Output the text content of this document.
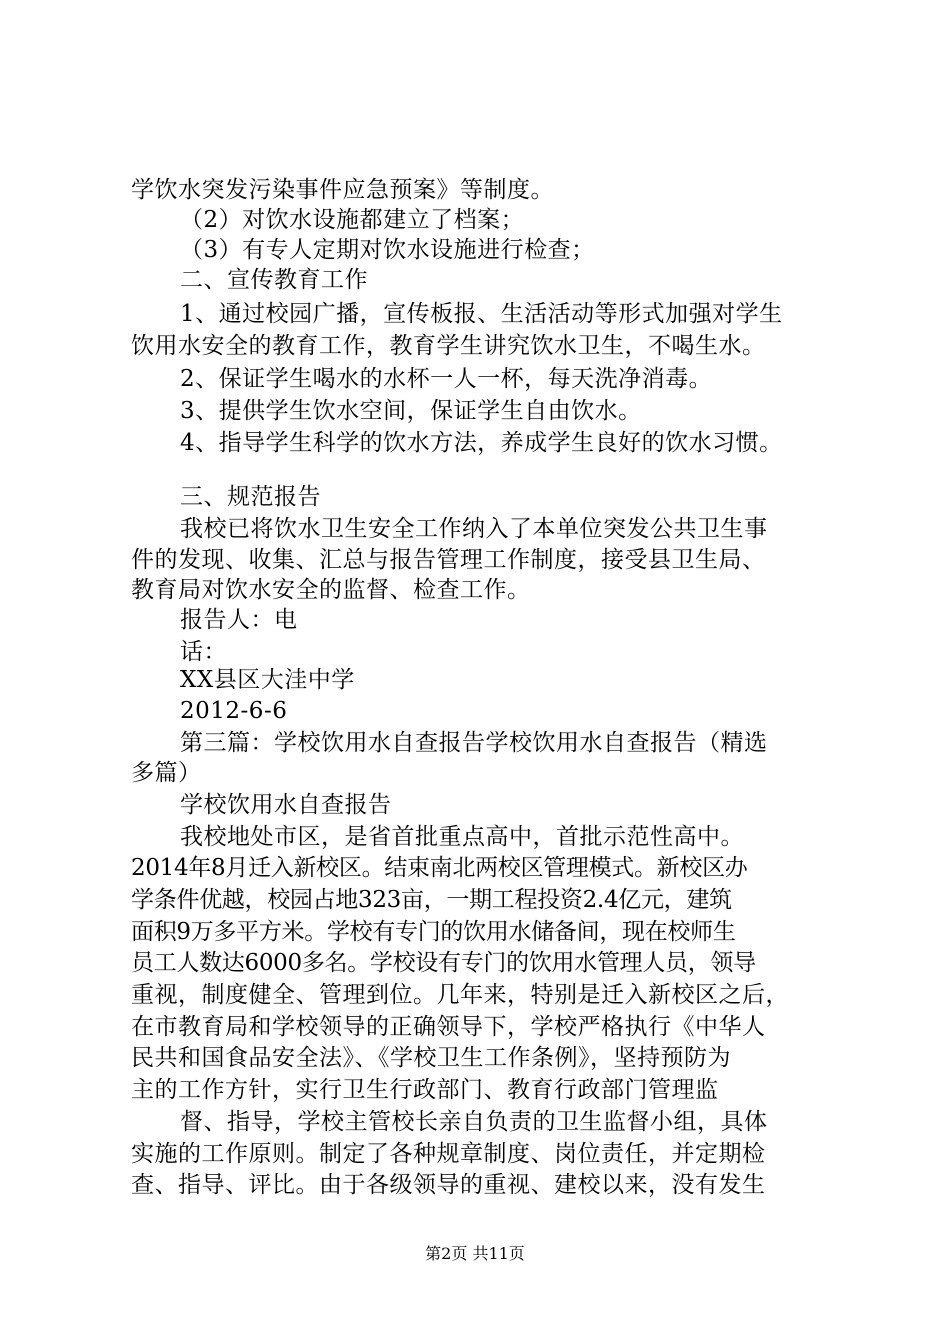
学饮水突发污染事件应急预案》等制度。
（2）对饮水设施都建立了档案；
（3）有专人定期对饮水设施进行检查；
二、宣传教育工作
1、通过校园广播，宣传板报、生活活动等形式加强对学生
饮用水安全的教育工作，教育学生讲究饮水卫生，不喝生水。
2、保证学生喝水的水杯一人一杯，每天洗净消毒。
3、提供学生饮水空间，保证学生自由饮水。
4、指导学生科学的饮水方法，养成学生良好的饮水习惯。
三、规范报告
我校已将饮水卫生安全工作纳入了本单位突发公共卫生事
件的发现、收集、汇总与报告管理工作制度，接受县卫生局、
教育局对饮水安全的监督、检查工作。
报告人：电
话：
XX县区大洼中学
2012-6-6
第三篇：学校饮用水自查报告学校饮用水自查报告（精选
多篇）
学校饮用水自查报告
我校地处市区，是省首批重点高中，首批示范性高中。
2014年8月迁入新校区。结束南北两校区管理模式。新校区办
学条件优越，校园占地323亩，一期工程投资2.4亿元，建筑
面积9万多平方米。学校有专门的饮用水储备间，现在校师生
员工人数达6000多名。学校设有专门的饮用水管理人员，领导
重视，制度健全、管理到位。几年来，特别是迁入新校区之后，
在市教育局和学校领导的正确领导下，学校严格执行《中华人
民共和国食品安全法》、《学校卫生工作条例》，坚持预防为
主的工作方针，实行卫生行政部门、教育行政部门管理监
督、指导，学校主管校长亲自负责的卫生监督小组，具体
实施的工作原则。制定了各种规章制度、岗位责任，并定期检
查、指导、评比。由于各级领导的重视、建校以来，没有发生
第2页 共11页
